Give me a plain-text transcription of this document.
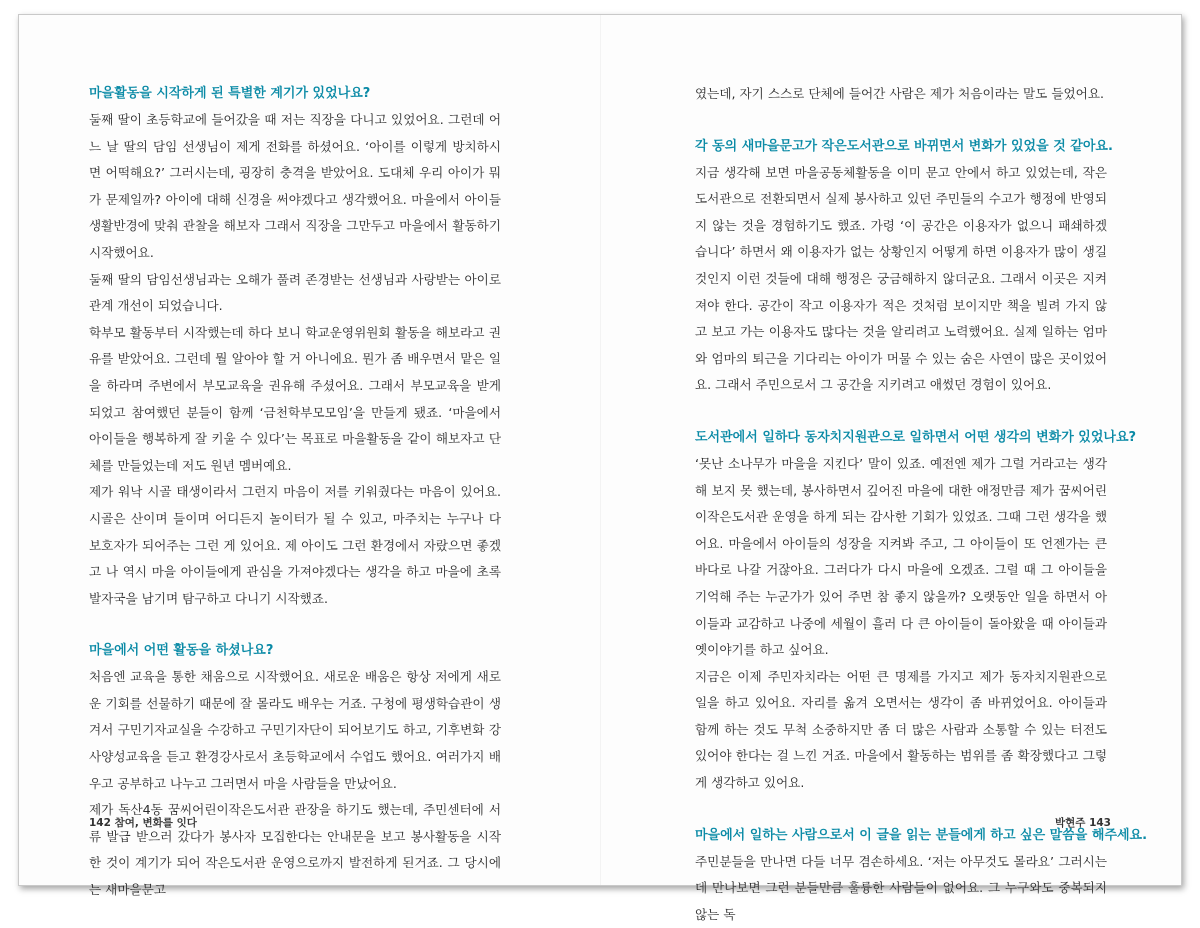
마을활동을 시작하게 된 특별한 계기가 있었나요?

둘째 딸이 초등학교에 들어갔을 때 저는 직장을 다니고 있었어요. 그런데 어느 날 딸의 담임 선생님이 제게 전화를 하셨어요. ‘아이를 이렇게 방치하시면 어떡해요?’ 그러시는데, 굉장히 충격을 받았어요. 도대체 우리 아이가 뭐가 문제일까? 아이에 대해 신경을 써야겠다고 생각했어요. 마을에서 아이들 생활반경에 맞춰 관찰을 해보자 그래서 직장을 그만두고 마을에서 활동하기 시작했어요.

둘째 딸의 담임선생님과는 오해가 풀려 존경받는 선생님과 사랑받는 아이로 관계 개선이 되었습니다.

학부모 활동부터 시작했는데 하다 보니 학교운영위원회 활동을 해보라고 권유를 받았어요. 그런데 뭘 알아야 할 거 아니에요. 뭔가 좀 배우면서 맡은 일을 하라며 주변에서 부모교육을 권유해 주셨어요. 그래서 부모교육을 받게 되었고 참여했던 분들이 함께 ‘금천학부모모임’을 만들게 됐죠. ‘마을에서 아이들을 행복하게 잘 키울 수 있다’는 목표로 마을활동을 같이 해보자고 단체를 만들었는데 저도 원년 멤버예요.

제가 워낙 시골 태생이라서 그런지 마음이 저를 키워줬다는 마음이 있어요. 시골은 산이며 들이며 어디든지 놀이터가 될 수 있고, 마주치는 누구나 다 보호자가 되어주는 그런 게 있어요. 제 아이도 그런 환경에서 자랐으면 좋겠고 나 역시 마을 아이들에게 관심을 가져야겠다는 생각을 하고 마을에 초록 발자국을 남기며 탐구하고 다니기 시작했죠.

마을에서 어떤 활동을 하셨나요?

처음엔 교육을 통한 채움으로 시작했어요. 새로운 배움은 항상 저에게 새로운 기회를 선물하기 때문에 잘 몰라도 배우는 거죠. 구청에 평생학습관이 생겨서 구민기자교실을 수강하고 구민기자단이 되어보기도 하고, 기후변화 강사양성교육을 듣고 환경강사로서 초등학교에서 수업도 했어요. 여러가지 배우고 공부하고 나누고 그러면서 마을 사람들을 만났어요.

제가 독산4동 꿈씨어린이작은도서관 관장을 하기도 했는데, 주민센터에 서류 발급 받으러 갔다가 봉사자 모집한다는 안내문을 보고 봉사활동을 시작한 것이 계기가 되어 작은도서관 운영으로까지 발전하게 된거죠. 그 당시에는 새마을문고

였는데, 자기 스스로 단체에 들어간 사람은 제가 처음이라는 말도 들었어요.

각 동의 새마을문고가 작은도서관으로 바뀌면서 변화가 있었을 것 같아요.

지금 생각해 보면 마을공동체활동을 이미 문고 안에서 하고 있었는데, 작은도서관으로 전환되면서 실제 봉사하고 있던 주민들의 수고가 행정에 반영되지 않는 것을 경험하기도 했죠. 가령 ‘이 공간은 이용자가 없으니 패쇄하겠습니다’ 하면서 왜 이용자가 없는 상황인지 어떻게 하면 이용자가 많이 생길 것인지 이런 것들에 대해 행정은 궁금해하지 않더군요. 그래서 이곳은 지켜져야 한다. 공간이 작고 이용자가 적은 것처럼 보이지만 책을 빌려 가지 않고 보고 가는 이용자도 많다는 것을 알리려고 노력했어요. 실제 일하는 엄마와 엄마의 퇴근을 기다리는 아이가 머물 수 있는 숨은 사연이 많은 곳이었어요. 그래서 주민으로서 그 공간을 지키려고 애썼던 경험이 있어요.

도서관에서 일하다 동자치지원관으로 일하면서 어떤 생각의 변화가 있었나요?

‘못난 소나무가 마을을 지킨다’ 말이 있죠. 예전엔 제가 그럴 거라고는 생각해 보지 못 했는데, 봉사하면서 깊어진 마을에 대한 애정만큼 제가 꿈씨어린이작은도서관 운영을 하게 되는 감사한 기회가 있었죠. 그때 그런 생각을 했어요. 마을에서 아이들의 성장을 지켜봐 주고, 그 아이들이 또 언젠가는 큰 바다로 나갈 거잖아요. 그러다가 다시 마을에 오겠죠. 그럴 때 그 아이들을 기억해 주는 누군가가 있어 주면 참 좋지 않을까? 오랫동안 일을 하면서 아이들과 교감하고 나중에 세월이 흘러 다 큰 아이들이 돌아왔을 때 아이들과 옛이야기를 하고 싶어요.

지금은 이제 주민자치라는 어떤 큰 명제를 가지고 제가 동자치지원관으로 일을 하고 있어요. 자리를 옮겨 오면서는 생각이 좀 바뀌었어요. 아이들과 함께 하는 것도 무척 소중하지만 좀 더 많은 사람과 소통할 수 있는 터전도 있어야 한다는 걸 느낀 거죠. 마을에서 활동하는 범위를 좀 확장했다고 그렇게 생각하고 있어요.

마을에서 일하는 사람으로서 이 글을 읽는 분들에게 하고 싶은 말씀을 해주세요.

주민분들을 만나면 다들 너무 겸손하세요. ‘저는 아무것도 몰라요’ 그러시는데 만나보면 그런 분들만큼 훌륭한 사람들이 없어요. 그 누구와도 중복되지 않는 독

142 참여, 변화를 잇다	박현주 143
